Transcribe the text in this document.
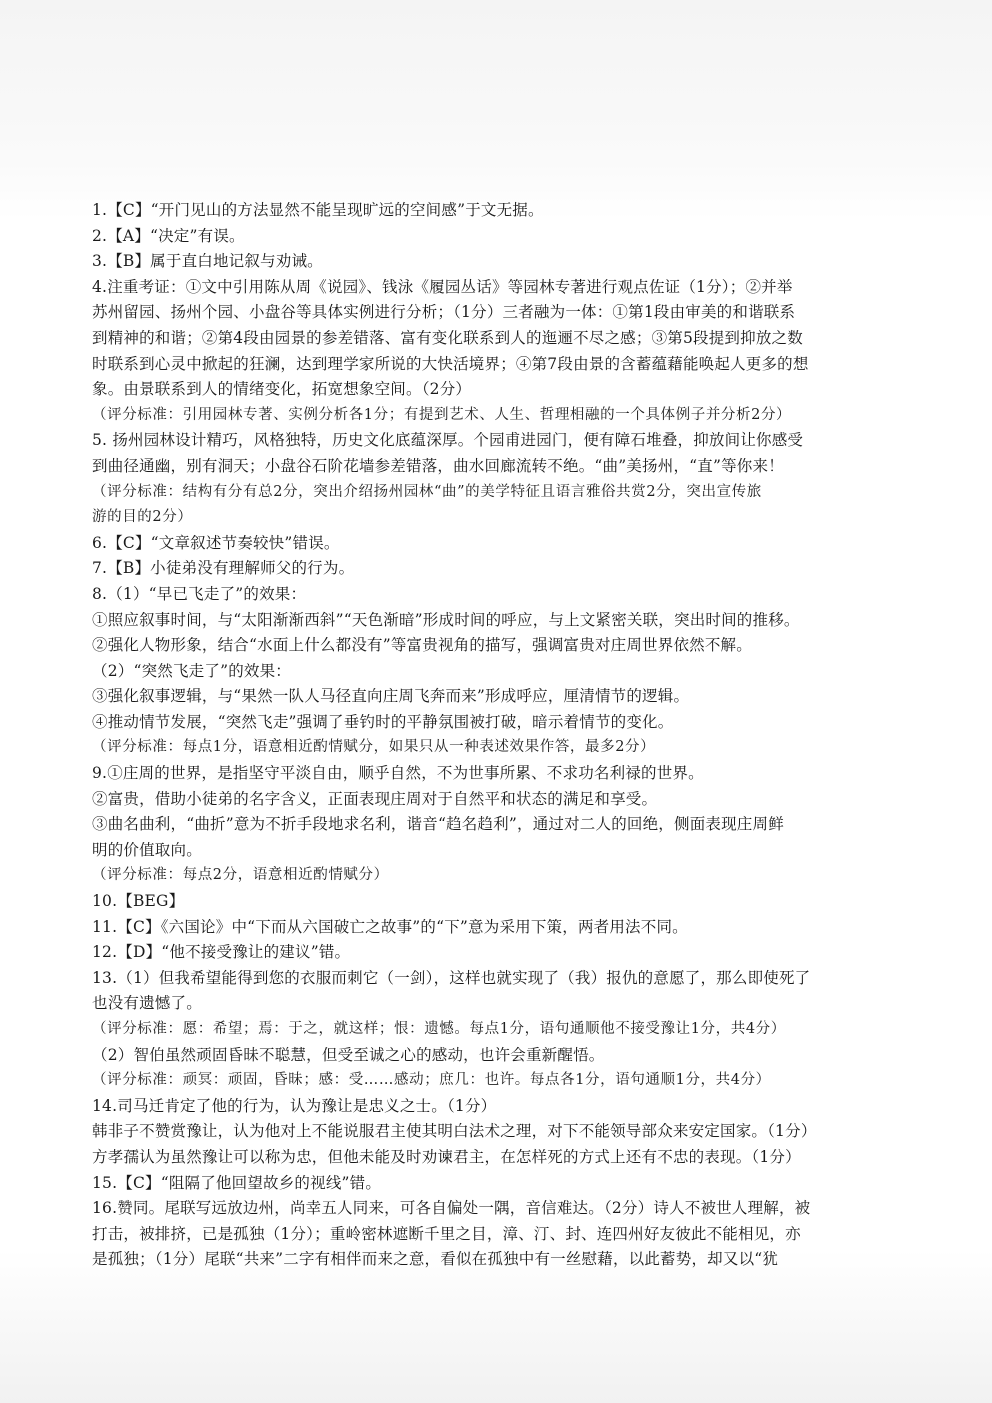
1.【C】“开门见山的方法显然不能呈现旷远的空间感”于文无据。
2.【A】“决定”有误。
3.【B】属于直白地记叙与劝诫。
4.注重考证：①文中引用陈从周《说园》、钱泳《履园丛话》等园林专著进行观点佐证（1分）；②并举
苏州留园、扬州个园、小盘谷等具体实例进行分析；（1分）三者融为一体：①第1段由审美的和谐联系
到精神的和谐；②第4段由园景的参差错落、富有变化联系到人的迤逦不尽之感；③第5段提到抑放之数
时联系到心灵中掀起的狂澜，达到理学家所说的大快活境界；④第7段由景的含蓄蕴藉能唤起人更多的想
象。由景联系到人的情绪变化，拓宽想象空间。（2分）
（评分标准：引用园林专著、实例分析各1分；有提到艺术、人生、哲理相融的一个具体例子并分析2分）
5. 扬州园林设计精巧，风格独特，历史文化底蕴深厚。个园甫进园门，便有障石堆叠，抑放间让你感受
到曲径通幽，别有洞天；小盘谷石阶花墙参差错落，曲水回廊流转不绝。“曲”美扬州，“直”等你来！
（评分标准：结构有分有总2分，突出介绍扬州园林“曲”的美学特征且语言雅俗共赏2分，突出宣传旅
游的目的2分）
6.【C】“文章叙述节奏较快”错误。
7.【B】小徒弟没有理解师父的行为。
8.（1）“早已飞走了”的效果：
①照应叙事时间，与“太阳渐渐西斜”“天色渐暗”形成时间的呼应，与上文紧密关联，突出时间的推移。
②强化人物形象，结合“水面上什么都没有”等富贵视角的描写，强调富贵对庄周世界依然不解。
（2）“突然飞走了”的效果：
③强化叙事逻辑，与“果然一队人马径直向庄周飞奔而来”形成呼应，厘清情节的逻辑。
④推动情节发展，“突然飞走”强调了垂钓时的平静氛围被打破，暗示着情节的变化。
（评分标准：每点1分，语意相近酌情赋分，如果只从一种表述效果作答，最多2分）
9.①庄周的世界，是指坚守平淡自由，顺乎自然，不为世事所累、不求功名利禄的世界。
②富贵，借助小徒弟的名字含义，正面表现庄周对于自然平和状态的满足和享受。
③曲名曲利，“曲折”意为不折手段地求名利，谐音“趋名趋利”，通过对二人的回绝，侧面表现庄周鲜
明的价值取向。
（评分标准：每点2分，语意相近酌情赋分）
10.【BEG】
11.【C】《六国论》中“下而从六国破亡之故事”的“下”意为采用下策，两者用法不同。
12.【D】“他不接受豫让的建议”错。
13.（1）但我希望能得到您的衣服而刺它（一剑），这样也就实现了（我）报仇的意愿了，那么即使死了
也没有遗憾了。
（评分标准：愿：希望；焉：于之，就这样；恨：遗憾。每点1分，语句通顺他不接受豫让1分，共4分）
（2）智伯虽然顽固昏昧不聪慧，但受至诚之心的感动，也许会重新醒悟。
（评分标准：顽冥：顽固，昏昧；感：受……感动；庶几：也许。每点各1分，语句通顺1分，共4分）
14.司马迁肯定了他的行为，认为豫让是忠义之士。（1分）
韩非子不赞赏豫让，认为他对上不能说服君主使其明白法术之理，对下不能领导部众来安定国家。（1分）
方孝孺认为虽然豫让可以称为忠，但他未能及时劝谏君主，在怎样死的方式上还有不忠的表现。（1分）
15.【C】“阻隔了他回望故乡的视线”错。
16.赞同。尾联写远放边州，尚幸五人同来，可各自偏处一隅，音信难达。（2分）诗人不被世人理解，被
打击，被排挤，已是孤独（1分）；重岭密林遮断千里之目，漳、汀、封、连四州好友彼此不能相见，亦
是孤独；（1分）尾联“共来”二字有相伴而来之意，看似在孤独中有一丝慰藉，以此蓄势，却又以“犹
